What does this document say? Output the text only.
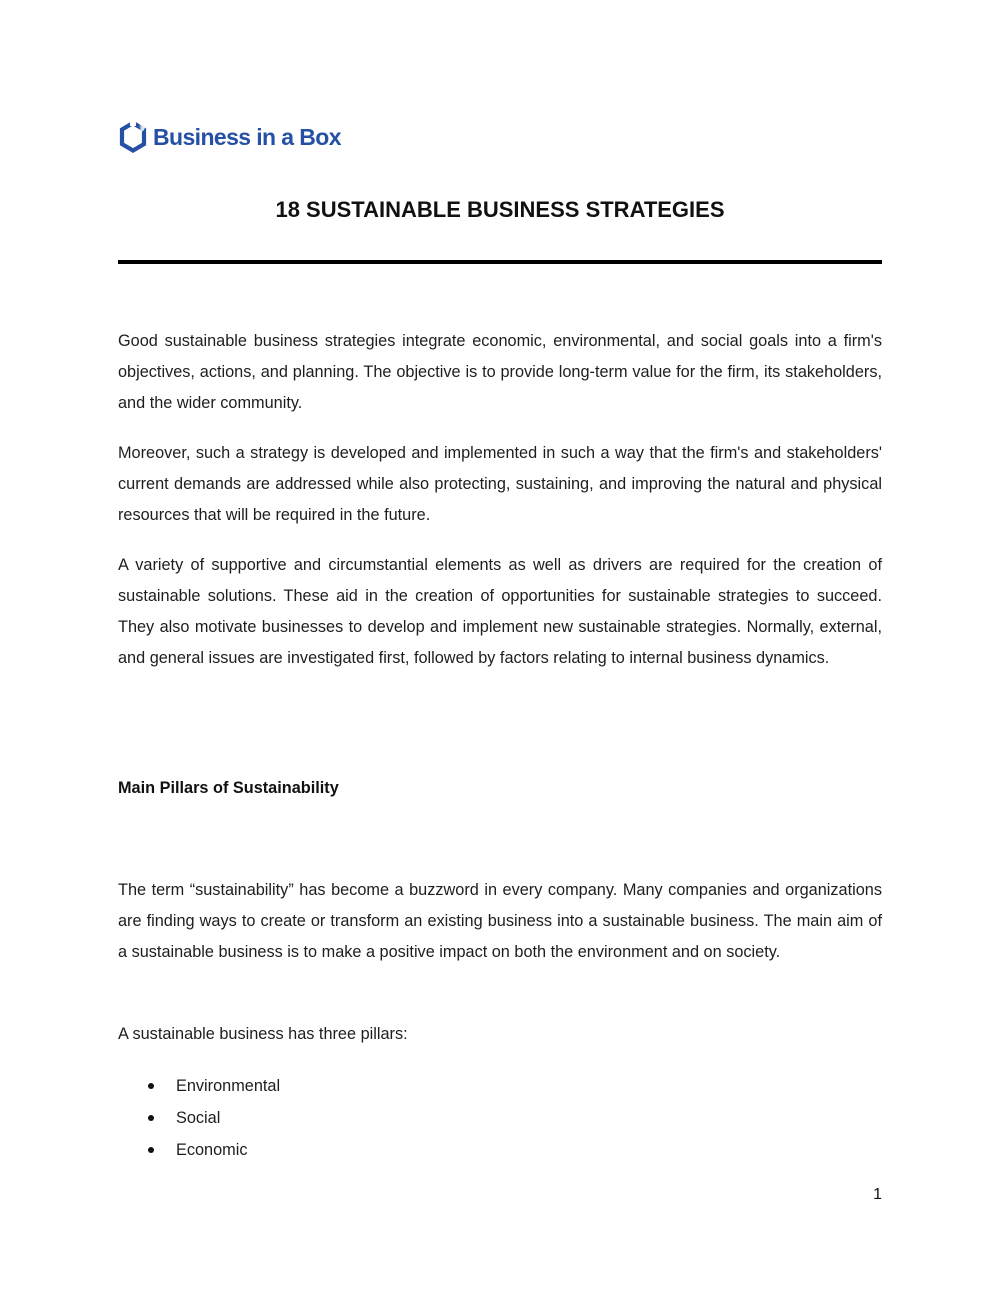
Business in a Box
18 SUSTAINABLE BUSINESS STRATEGIES

Good sustainable business strategies integrate economic, environmental, and social goals into a firm's objectives, actions, and planning. The objective is to provide long-term value for the firm, its stakeholders, and the wider community.

Moreover, such a strategy is developed and implemented in such a way that the firm's and stakeholders' current demands are addressed while also protecting, sustaining, and improving the natural and physical resources that will be required in the future.

A variety of supportive and circumstantial elements as well as drivers are required for the creation of sustainable solutions. These aid in the creation of opportunities for sustainable strategies to succeed. They also motivate businesses to develop and implement new sustainable strategies. Normally, external, and general issues are investigated first, followed by factors relating to internal business dynamics.

Main Pillars of Sustainability

The term “sustainability” has become a buzzword in every company. Many companies and organizations are finding ways to create or transform an existing business into a sustainable business. The main aim of a sustainable business is to make a positive impact on both the environment and on society.

A sustainable business has three pillars:

Environmental
Social
Economic
1
